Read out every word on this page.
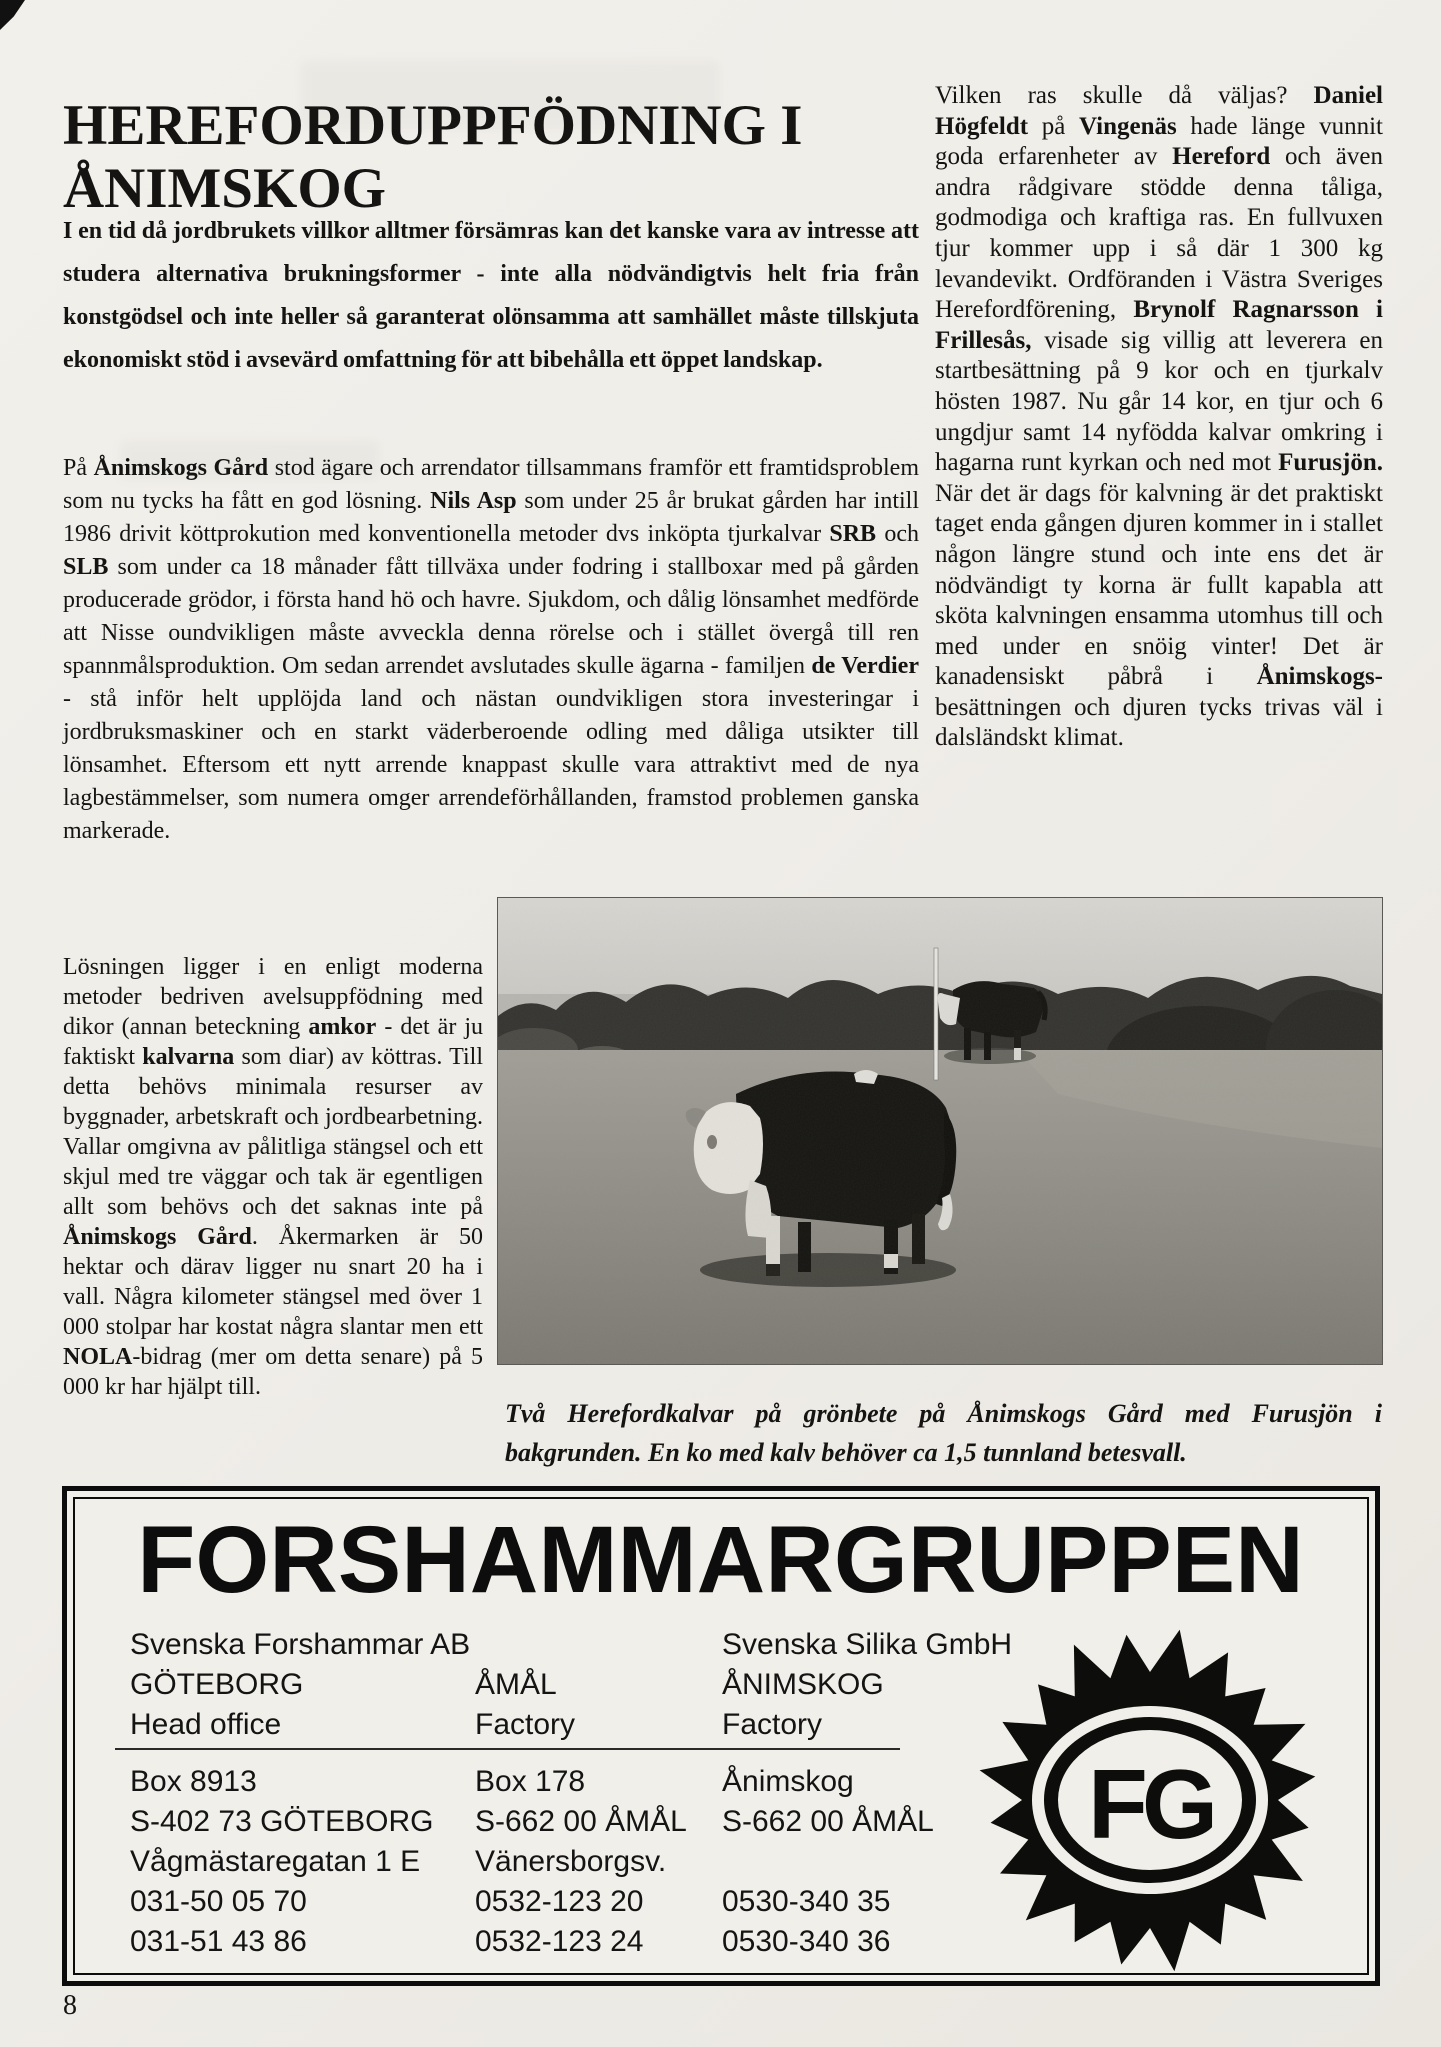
HEREFORDUPPFÖDNING I
ÅNIMSKOG

I en tid då jordbrukets villkor alltmer försämras kan det kanske vara av intresse att studera alternativa brukningsformer - inte alla nödvändigtvis helt fria från konstgödsel och inte heller så garanterat olönsamma att samhället måste tillskjuta ekonomiskt stöd i avsevärd omfattning för att bibehålla ett öppet landskap.

På Ånimskogs Gård stod ägare och arrendator tillsammans framför ett framtidsproblem som nu tycks ha fått en god lösning. Nils Asp som under 25 år brukat gården har intill 1986 drivit köttprokution med konventionella metoder dvs inköpta tjurkalvar SRB och SLB som under ca 18 månader fått tillväxa under fodring i stallboxar med på gården producerade grödor, i första hand hö och havre. Sjukdom, och dålig lönsamhet medförde att Nisse oundvikligen måste avveckla denna rörelse och i stället övergå till ren spannmålsproduktion. Om sedan arrendet avslutades skulle ägarna - familjen de Verdier - stå inför helt upplöjda land och nästan oundvikligen stora investeringar i jordbruksmaskiner och en starkt väderberoende odling med dåliga utsikter till lönsamhet. Eftersom ett nytt arrende knappast skulle vara attraktivt med de nya lagbestämmelser, som numera omger arrendeförhållanden, framstod problemen ganska markerade.

Vilken ras skulle då väljas? Daniel Högfeldt på Vingenäs hade länge vunnit goda erfarenheter av Hereford och även andra rådgivare stödde denna tåliga, godmodiga och kraftiga ras. En fullvuxen tjur kommer upp i så där 1 300 kg levandevikt. Ordföranden i Västra Sveriges Herefordförening, Brynolf Ragnarsson i Frillesås, visade sig villig att leverera en startbesättning på 9 kor och en tjurkalv hösten 1987. Nu går 14 kor, en tjur och 6 ungdjur samt 14 nyfödda kalvar omkring i hagarna runt kyrkan och ned mot Furusjön. När det är dags för kalvning är det praktiskt taget enda gången djuren kommer in i stallet någon längre stund och inte ens det är nödvändigt ty korna är fullt kapabla att sköta kalvningen ensamma utomhus till och med under en snöig vinter! Det är kanadensiskt påbrå i Ånimskogs-besättningen och djuren tycks trivas väl i dalsländskt klimat.

Lösningen ligger i en enligt moderna metoder bedriven avelsuppfödning med dikor (annan beteckning amkor - det är ju faktiskt kalvarna som diar) av köttras. Till detta behövs minimala resurser av byggnader, arbetskraft och jordbearbetning. Vallar omgivna av pålitliga stängsel och ett skjul med tre väggar och tak är egentligen allt som behövs och det saknas inte på Ånimskogs Gård. Åkermarken är 50 hektar och därav ligger nu snart 20 ha i vall. Några kilometer stängsel med över 1 000 stolpar har kostat några slantar men ett NOLA-bidrag (mer om detta senare) på 5 000 kr har hjälpt till.

Två Herefordkalvar på grönbete på Ånimskogs Gård med Furusjön i bakgrunden. En ko med kalv behöver ca 1,5 tunnland betesvall.

FORSHAMMARGRUPPEN
Svenska Forshammar AB
GÖTEBORG
Head office
ÅMÅL
Factory
Svenska Silika GmbH
ÅNIMSKOG
Factory
Box 8913
S-402 73 GÖTEBORG
Vågmästaregatan 1 E
031-50 05 70
031-51 43 86
Box 178
S-662 00 ÅMÅL
Vänersborgsv.
0532-123 20
0532-123 24
Ånimskog
S-662 00 ÅMÅL
0530-340 35
0530-340 36
FG
8
